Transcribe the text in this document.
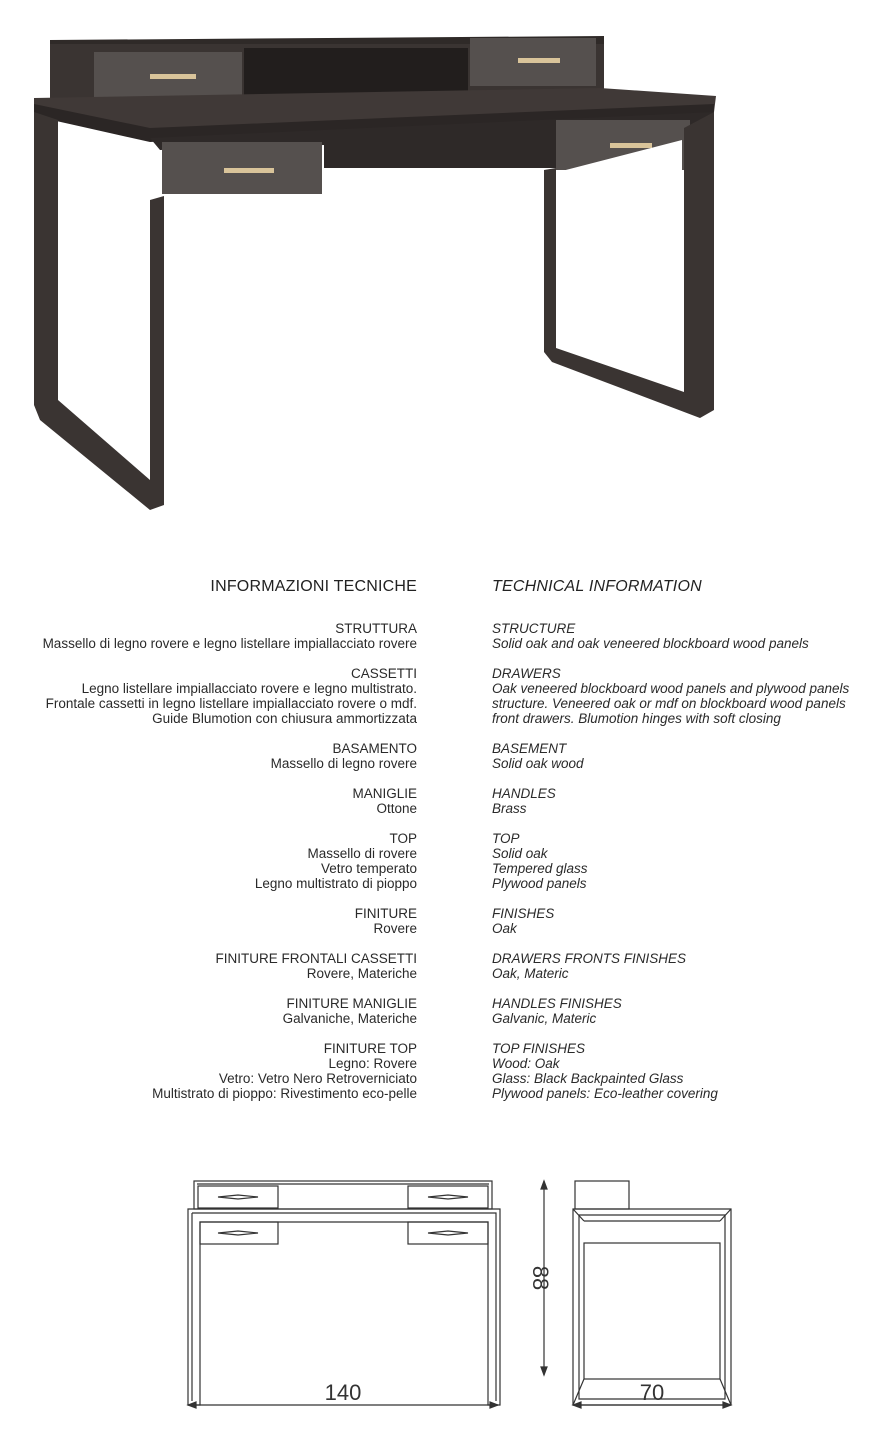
INFORMAZIONI TECNICHE	TECHNICAL INFORMATION
STRUTTURA
Massello di legno rovere e legno listellare impiallacciato rovere
CASSETTI
Legno listellare impiallacciato rovere e legno multistrato.
Frontale cassetti in legno listellare impiallacciato rovere o mdf.
Guide Blumotion con chiusura ammortizzata
BASAMENTO
Massello di legno rovere
MANIGLIE
Ottone
TOP
Massello di rovere
Vetro temperato
Legno multistrato di pioppo
FINITURE
Rovere
FINITURE FRONTALI CASSETTI
Rovere, Materiche
FINITURE MANIGLIE
Galvaniche, Materiche
FINITURE TOP
Legno: Rovere
Vetro: Vetro Nero Retroverniciato
Multistrato di pioppo: Rivestimento eco-pelle
STRUCTURE
Solid oak and oak veneered blockboard wood panels
DRAWERS
Oak veneered blockboard wood panels and plywood panels
structure. Veneered oak or mdf on blockboard wood panels
front drawers. Blumotion hinges with soft closing
BASEMENT
Solid oak wood
HANDLES
Brass
TOP
Solid oak
Tempered glass
Plywood panels
FINISHES
Oak
DRAWERS FRONTS FINISHES
Oak, Materic
HANDLES FINISHES
Galvanic, Materic
TOP FINISHES
Wood: Oak
Glass: Black Backpainted Glass
Plywood panels: Eco-leather covering
140
88
70
